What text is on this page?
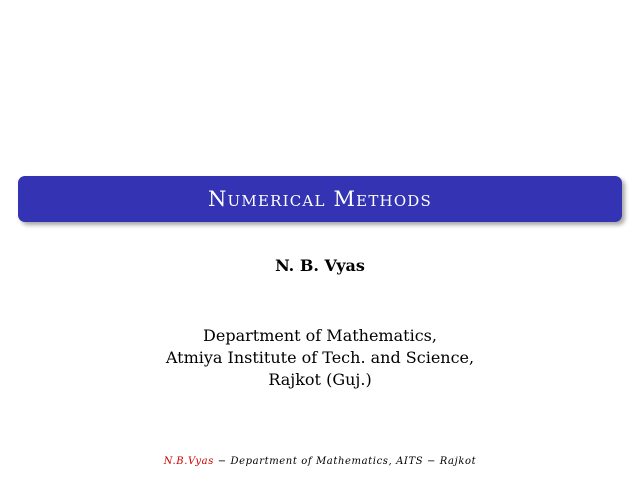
Numerical Methods
N. B. Vyas
Department of Mathematics,
Atmiya Institute of Tech. and Science,
Rajkot (Guj.)
N.B.Vyas − Department of Mathematics, AITS − Rajkot
